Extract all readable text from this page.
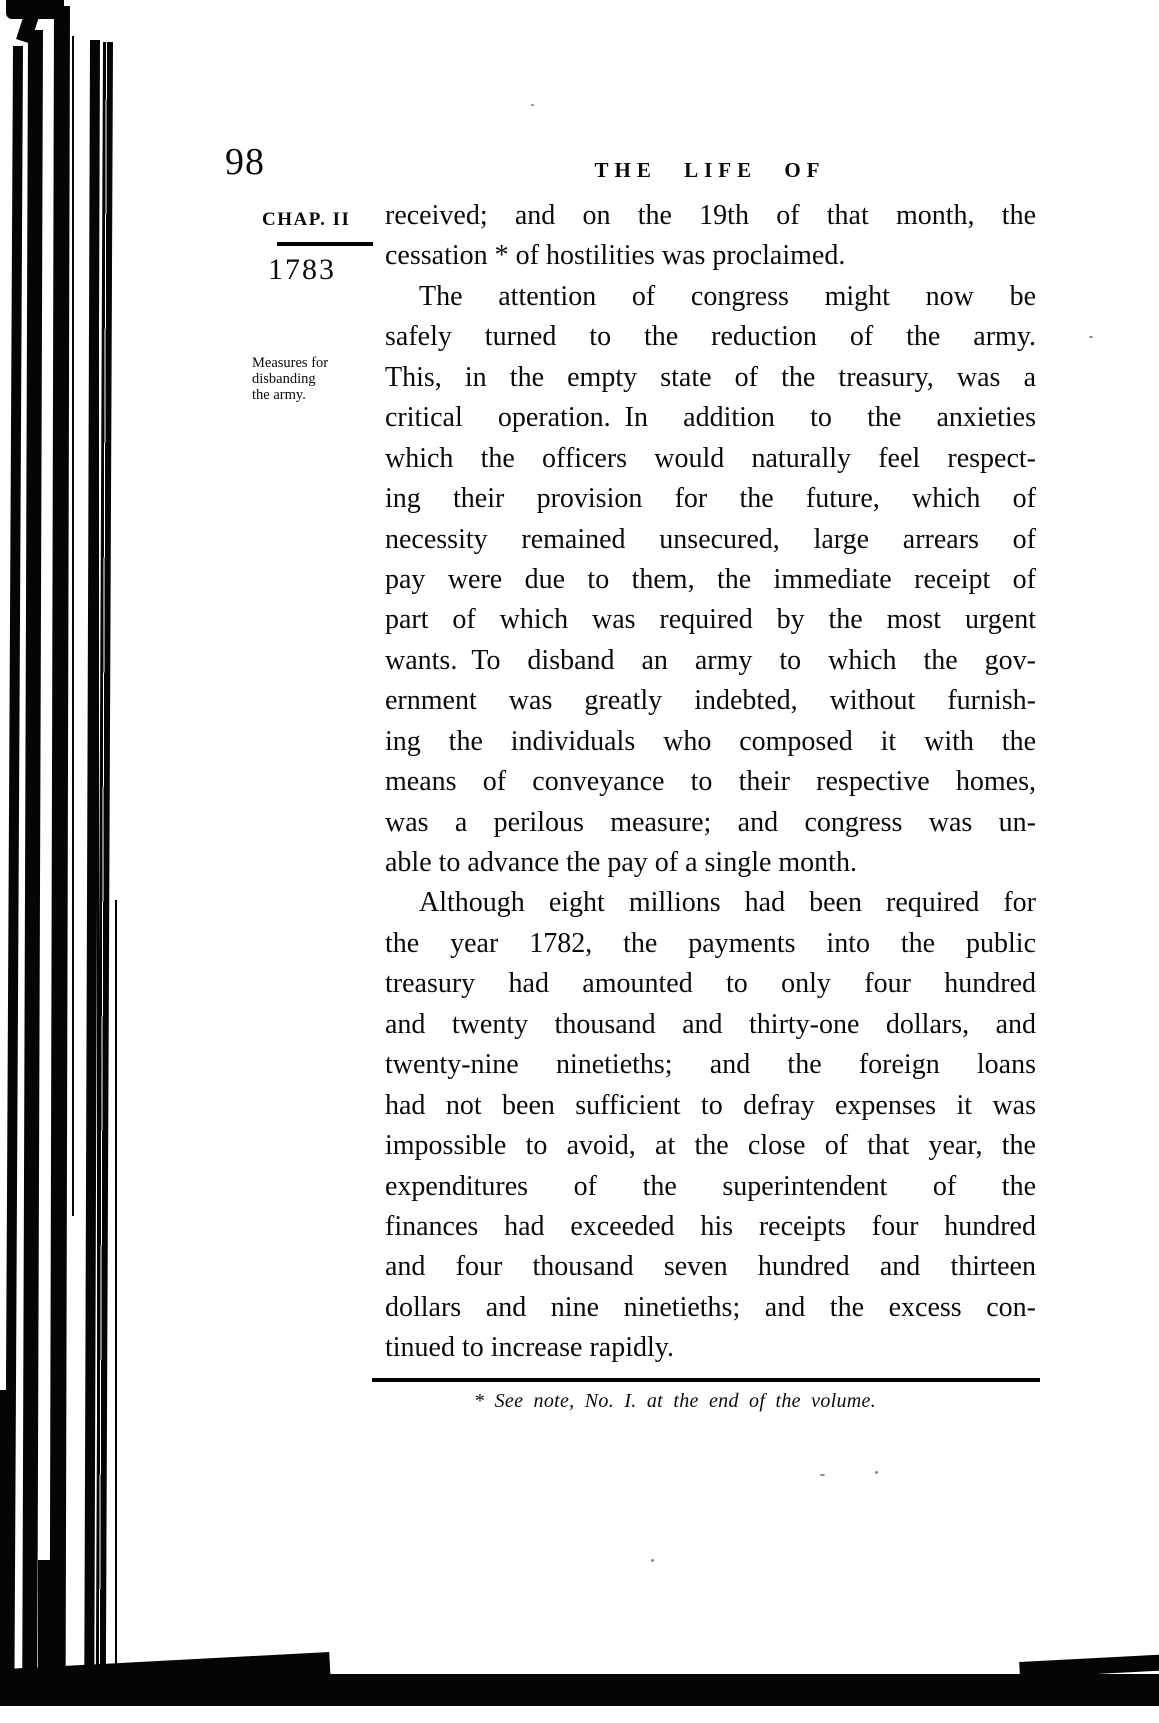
98	THE LIFE OF
CHAP. II
1783
Measures for
disbanding
the army.
received; and on the 19th of that month, the
cessation * of hostilities was proclaimed.
The attention of congress might now be
safely turned to the reduction of the army.
This, in the empty state of the treasury, was a
critical operation. In addition to the anxieties
which the officers would naturally feel respect-
ing their provision for the future, which of
necessity remained unsecured, large arrears of
pay were due to them, the immediate receipt of
part of which was required by the most urgent
wants. To disband an army to which the gov-
ernment was greatly indebted, without furnish-
ing the individuals who composed it with the
means of conveyance to their respective homes,
was a perilous measure; and congress was un-
able to advance the pay of a single month.
Although eight millions had been required for
the year 1782, the payments into the public
treasury had amounted to only four hundred
and twenty thousand and thirty-one dollars, and
twenty-nine ninetieths; and the foreign loans
had not been sufficient to defray expenses it was
impossible to avoid, at the close of that year, the
expenditures of the superintendent of the
finances had exceeded his receipts four hundred
and four thousand seven hundred and thirteen
dollars and nine ninetieths; and the excess con-
tinued to increase rapidly.
* See note, No. I. at the end of the volume.
